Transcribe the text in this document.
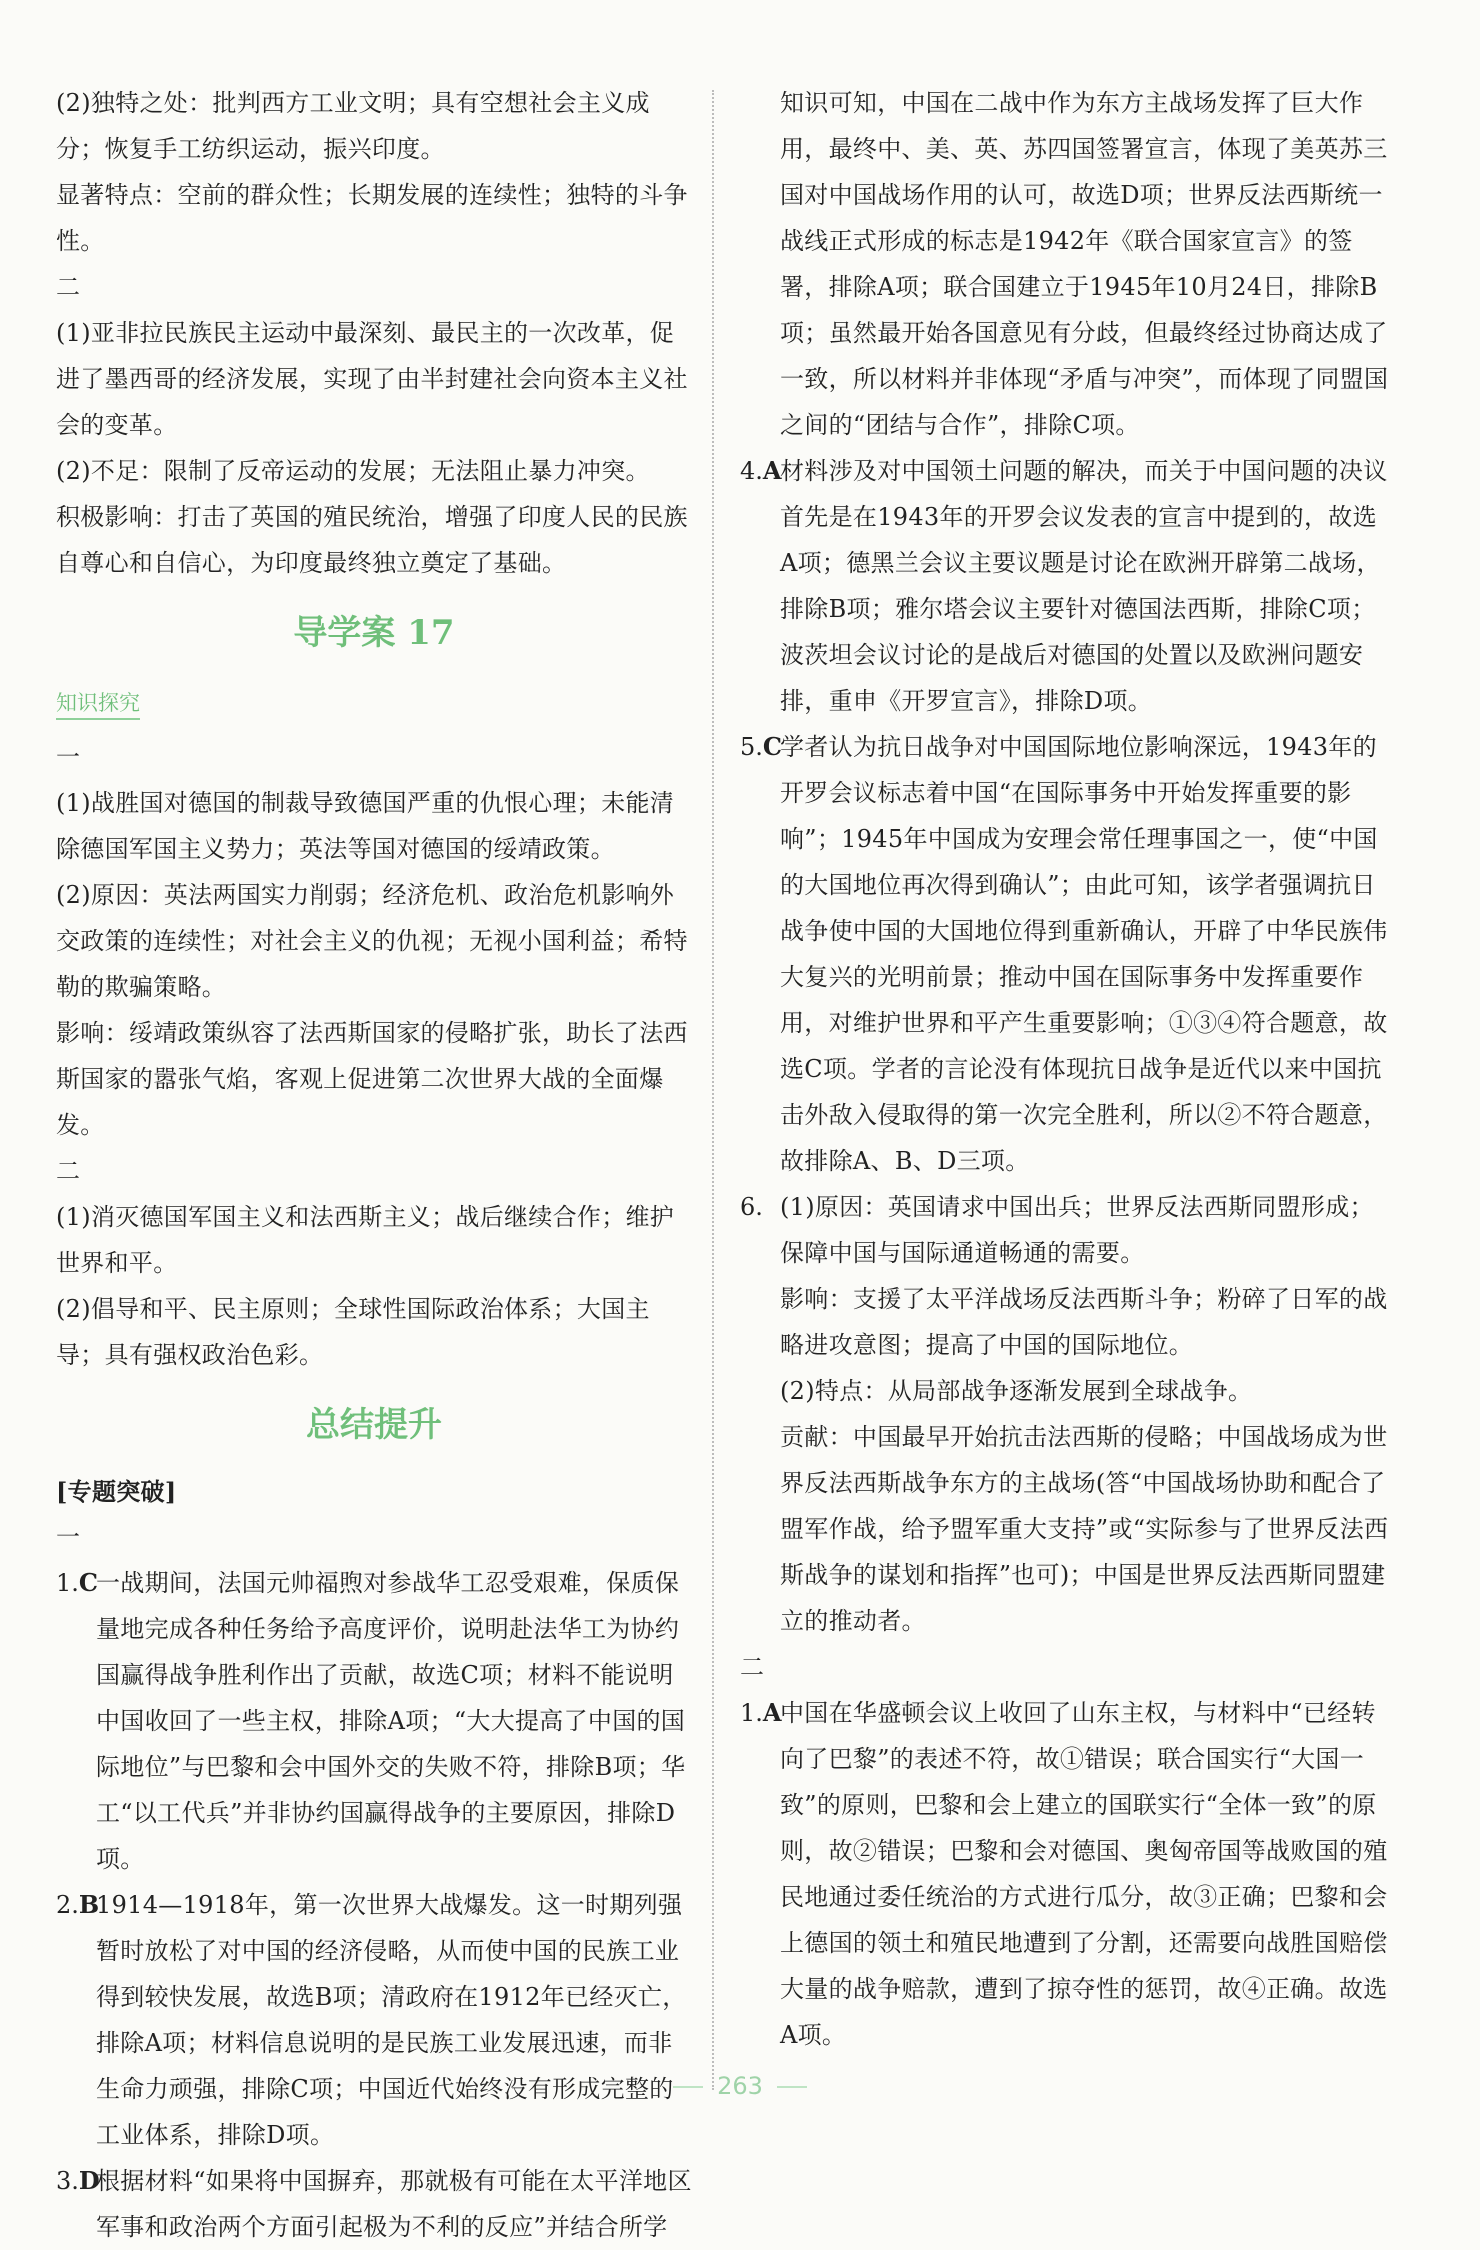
(2)独特之处：批判西方工业文明；具有空想社会主义成分；恢复手工纺织运动，振兴印度。

显著特点：空前的群众性；长期发展的连续性；独特的斗争性。

二

(1)亚非拉民族民主运动中最深刻、最民主的一次改革，促进了墨西哥的经济发展，实现了由半封建社会向资本主义社会的变革。

(2)不足：限制了反帝运动的发展；无法阻止暴力冲突。

积极影响：打击了英国的殖民统治，增强了印度人民的民族自尊心和自信心，为印度最终独立奠定了基础。

导学案 17
知识探究

一

(1)战胜国对德国的制裁导致德国严重的仇恨心理；未能清除德国军国主义势力；英法等国对德国的绥靖政策。

(2)原因：英法两国实力削弱；经济危机、政治危机影响外交政策的连续性；对社会主义的仇视；无视小国利益；希特勒的欺骗策略。

影响：绥靖政策纵容了法西斯国家的侵略扩张，助长了法西斯国家的嚣张气焰，客观上促进第二次世界大战的全面爆发。

二

(1)消灭德国军国主义和法西斯主义；战后继续合作；维护世界和平。

(2)倡导和平、民主原则；全球性国际政治体系；大国主导；具有强权政治色彩。

总结提升

[专题突破]

一

1.C

一战期间，法国元帅福煦对参战华工忍受艰难，保质保量地完成各种任务给予高度评价，说明赴法华工为协约国赢得战争胜利作出了贡献，故选C项；材料不能说明中国收回了一些主权，排除A项；“大大提高了中国的国际地位”与巴黎和会中国外交的失败不符，排除B项；华工“以工代兵”并非协约国赢得战争的主要原因，排除D项。

2.B

1914—1918年，第一次世界大战爆发。这一时期列强暂时放松了对中国的经济侵略，从而使中国的民族工业得到较快发展，故选B项；清政府在1912年已经灭亡，排除A项；材料信息说明的是民族工业发展迅速，而非生命力顽强，排除C项；中国近代始终没有形成完整的工业体系，排除D项。

3.D

根据材料“如果将中国摒弃，那就极有可能在太平洋地区军事和政治两个方面引起极为不利的反应”并结合所学

知识可知，中国在二战中作为东方主战场发挥了巨大作用，最终中、美、英、苏四国签署宣言，体现了美英苏三国对中国战场作用的认可，故选D项；世界反法西斯统一战线正式形成的标志是1942年《联合国家宣言》的签署，排除A项；联合国建立于1945年10月24日，排除B项；虽然最开始各国意见有分歧，但最终经过协商达成了一致，所以材料并非体现“矛盾与冲突”，而体现了同盟国之间的“团结与合作”，排除C项。

4.A

材料涉及对中国领土问题的解决，而关于中国问题的决议首先是在1943年的开罗会议发表的宣言中提到的，故选A项；德黑兰会议主要议题是讨论在欧洲开辟第二战场，排除B项；雅尔塔会议主要针对德国法西斯，排除C项；波茨坦会议讨论的是战后对德国的处置以及欧洲问题安排，重申《开罗宣言》，排除D项。

5.C

学者认为抗日战争对中国国际地位影响深远，1943年的开罗会议标志着中国“在国际事务中开始发挥重要的影响”；1945年中国成为安理会常任理事国之一，使“中国的大国地位再次得到确认”；由此可知，该学者强调抗日战争使中国的大国地位得到重新确认，开辟了中华民族伟大复兴的光明前景；推动中国在国际事务中发挥重要作用，对维护世界和平产生重要影响；①③④符合题意，故选C项。学者的言论没有体现抗日战争是近代以来中国抗击外敌入侵取得的第一次完全胜利，所以②不符合题意，故排除A、B、D三项。

6. (1)原因：英国请求中国出兵；世界反法西斯同盟形成；保障中国与国际通道畅通的需要。

影响：支援了太平洋战场反法西斯斗争；粉碎了日军的战略进攻意图；提高了中国的国际地位。

(2)特点：从局部战争逐渐发展到全球战争。

贡献：中国最早开始抗击法西斯的侵略；中国战场成为世界反法西斯战争东方的主战场(答“中国战场协助和配合了盟军作战，给予盟军重大支持”或“实际参与了世界反法西斯战争的谋划和指挥”也可)；中国是世界反法西斯同盟建立的推动者。

二

1.A

中国在华盛顿会议上收回了山东主权，与材料中“已经转向了巴黎”的表述不符，故①错误；联合国实行“大国一致”的原则，巴黎和会上建立的国联实行“全体一致”的原则，故②错误；巴黎和会对德国、奥匈帝国等战败国的殖民地通过委任统治的方式进行瓜分，故③正确；巴黎和会上德国的领土和殖民地遭到了分割，还需要向战胜国赔偿大量的战争赔款，遭到了掠夺性的惩罚，故④正确。故选A项。

263
